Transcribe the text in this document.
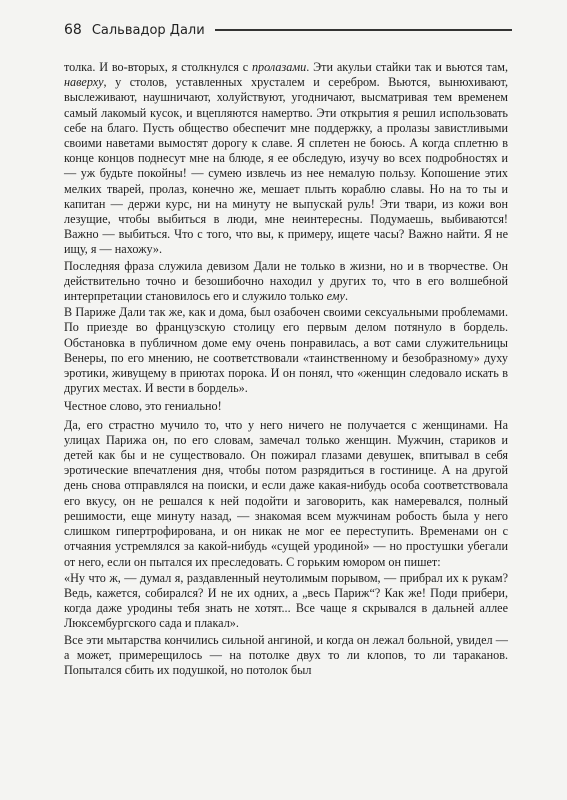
68 Сальвадор Дали

толка. И во-вторых, я столкнулся с пролазами. Эти акульи стайки так и вьются там, наверху, у столов, уставленных хрусталем и серебром. Вьются, вынюхивают, выслеживают, наушничают, холуйствуют, угодничают, высматривая тем временем самый лакомый кусок, и вцепляются намертво. Эти открытия я решил использовать себе на благо. Пусть общество обеспечит мне поддержку, а пролазы завистливыми своими наветами вымостят дорогу к славе. Я сплетен не боюсь. А когда сплетню в конце концов поднесут мне на блюде, я ее обследую, изучу во всех подробностях и — уж будьте покойны! — сумею извлечь из нее немалую пользу. Копошение этих мелких тварей, пролаз, конечно же, мешает плыть кораблю славы. Но на то ты и капитан — держи курс, ни на минуту не выпускай руль! Эти твари, из кожи вон лезущие, чтобы выбиться в люди, мне неинтересны. Подумаешь, выбиваются! Важно — выбиться. Что с того, что вы, к примеру, ищете часы? Важно найти. Я не ищу, я — нахожу».

Последняя фраза служила девизом Дали не только в жизни, но и в творчестве. Он действительно точно и безошибочно находил у других то, что в его волшебной интерпретации становилось его и служило только ему.

В Париже Дали так же, как и дома, был озабочен своими сексуальными проблемами. По приезде во французскую столицу его первым делом потянуло в бордель. Обстановка в публичном доме ему очень понравилась, а вот сами служительницы Венеры, по его мнению, не соответствовали «таинственному и безобразному» духу эротики, живущему в приютах порока. И он понял, что «женщин следовало искать в других местах. И вести в бордель».

Честное слово, это гениально!

Да, его страстно мучило то, что у него ничего не получается с женщинами. На улицах Парижа он, по его словам, замечал только женщин. Мужчин, стариков и детей как бы и не существовало. Он пожирал глазами девушек, впитывал в себя эротические впечатления дня, чтобы потом разрядиться в гостинице. А на другой день снова отправлялся на поиски, и если даже какая-нибудь особа соответствовала его вкусу, он не решался к ней подойти и заговорить, как намеревался, полный решимости, еще минуту назад, — знакомая всем мужчинам робость была у него слишком гипертрофирована, и он никак не мог ее переступить. Временами он с отчаяния устремлялся за какой-нибудь «сущей уродиной» — но простушки убегали от него, если он пытался их преследовать. С горьким юмором он пишет:

«Ну что ж, — думал я, раздавленный неутолимым порывом, — прибрал их к рукам? Ведь, кажется, собирался? И не их одних, а „весь Париж“? Как же! Поди прибери, когда даже уродины тебя знать не хотят... Все чаще я скрывался в дальней аллее Люксембургского сада и плакал».

Все эти мытарства кончились сильной ангиной, и когда он лежал больной, увидел — а может, примерещилось — на потолке двух то ли клопов, то ли тараканов. Попытался сбить их подушкой, но потолок был
